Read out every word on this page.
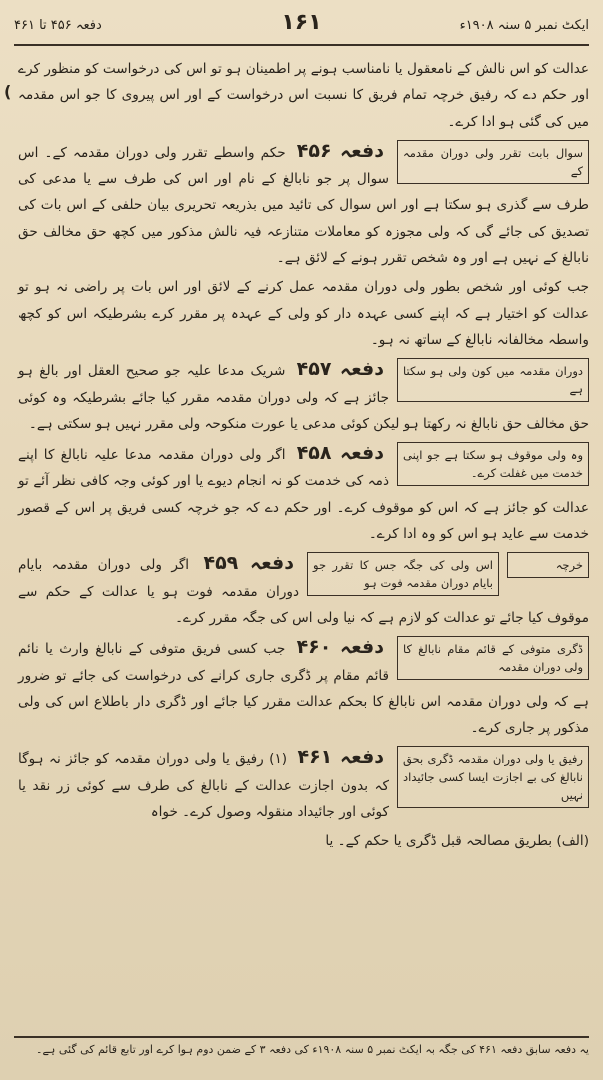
ایکٹ نمبر ۵ سنہ ۱۹۰۸ء
۱۶۱
دفعہ ۴۵۶ تا ۴۶۱
(

عدالت کو اس نالش کے نامعقول یا نامناسب ہونے پر اطمینان ہو تو اس کی درخواست کو منظور کرے اور حکم دے کہ رفیق خرچہ تمام فریق کا نسبت اس درخواست کے اور اس پیروی کا جو اس مقدمہ میں کی گئی ہو ادا کرے۔

سوال بابت تقرر ولی دوران مقدمہ کے

دفعہ ۴۵۶ حکم واسطے تقرر ولی دوران مقدمہ کے۔ اس سوال پر جو نابالغ کے نام اور اس کی طرف سے یا مدعی کی طرف سے گذری ہو سکتا ہے اور اس سوال کی تائید میں بذریعہ تحریری بیان حلفی کے اس بات کی تصدیق کی جائے گی کہ ولی مجوزہ کو معاملات متنازعہ فیہ نالش مذکور میں کچھ حق مخالف حق نابالغ کے نہیں ہے اور وہ شخص تقرر ہونے کے لائق ہے۔

جب کوئی اور شخص بطور ولی دوران مقدمہ عمل کرنے کے لائق اور اس بات پر راضی نہ ہو تو عدالت کو اختیار ہے کہ اپنے کسی عہدہ دار کو ولی کے عہدہ پر مقرر کرے بشرطیکہ اس کو کچھ واسطہ مخالفانہ نابالغ کے ساتھ نہ ہو۔

دوران مقدمہ میں کون ولی ہو سکتا ہے

دفعہ ۴۵۷ شریک مدعا علیہ جو صحیح العقل اور بالغ ہو جائز ہے کہ ولی دوران مقدمہ مقرر کیا جائے بشرطیکہ وہ کوئی حق مخالف حق نابالغ نہ رکھتا ہو لیکن کوئی مدعی یا عورت منکوحہ ولی مقرر نہیں ہو سکتی ہے۔

وہ ولی موقوف ہو سکتا ہے جو اپنی خدمت میں غفلت کرے۔

دفعہ ۴۵۸ اگر ولی دوران مقدمہ مدعا علیہ نابالغ کا اپنے ذمہ کی خدمت کو نہ انجام دیوے یا اور کوئی وجہ کافی نظر آئے تو عدالت کو جائز ہے کہ اس کو موقوف کرے۔ اور حکم دے کہ جو خرچہ کسی فریق پر اس کے قصور خدمت سے عاید ہو اس کو وہ ادا کرے۔

خرچہ
اس ولی کی جگہ جس کا تقرر جو بایام دوران مقدمہ فوت ہو

دفعہ ۴۵۹ اگر ولی دوران مقدمہ بایام دوران مقدمہ فوت ہو یا عدالت کے حکم سے موقوف کیا جائے تو عدالت کو لازم ہے کہ نیا ولی اس کی جگہ مقرر کرے۔

ڈگری متوفی کے قائم مقام نابالغ کا ولی دوران مقدمہ

دفعہ ۴۶۰ جب کسی فریق متوفی کے نابالغ وارث یا نائم قائم مقام پر ڈگری جاری کرانے کی درخواست کی جائے تو ضرور ہے کہ ولی دوران مقدمہ اس نابالغ کا بحکم عدالت مقرر کیا جائے اور ڈگری دار باطلاع اس کی ولی مذکور پر جاری کرے۔

رفیق یا ولی دوران مقدمہ ڈگری بحق نابالغ کی بے اجازت ایسا کسی جائیداد نہیں

دفعہ ۴۶۱ (۱) رفیق یا ولی دوران مقدمہ کو جائز نہ ہوگا کہ بدون اجازت عدالت کے نابالغ کی طرف سے کوئی زر نقد یا کوئی اور جائیداد منقولہ وصول کرے۔ خواہ

(الف) بطریق مصالحہ قبل ڈگری یا حکم کے۔ یا

یہ دفعہ سابق دفعہ ۴۶۱ کی جگہ بہ ایکٹ نمبر ۵ سنہ ۱۹۰۸ء کی دفعہ ۳ کے ضمن دوم ہوا کرے اور تابع قائم کی گئی ہے۔
